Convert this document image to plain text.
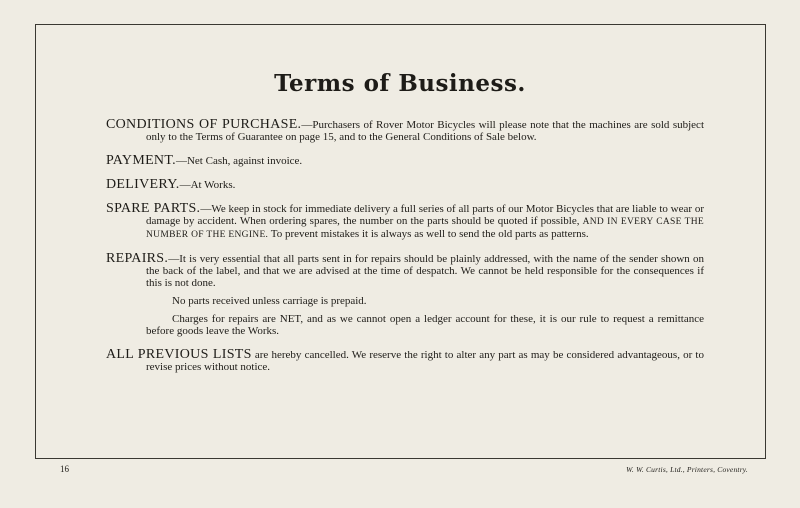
Terms of Business.

CONDITIONS OF PURCHASE.—Purchasers of Rover Motor Bicycles will please note that the machines are sold subject only to the Terms of Guarantee on page 15, and to the General Conditions of Sale below.

PAYMENT.—Net Cash, against invoice.

DELIVERY.—At Works.

SPARE PARTS.—We keep in stock for immediate delivery a full series of all parts of our Motor Bicycles that are liable to wear or damage by accident. When ordering spares, the number on the parts should be quoted if possible, AND IN EVERY CASE THE NUMBER OF THE ENGINE. To prevent mistakes it is always as well to send the old parts as patterns.

REPAIRS.—It is very essential that all parts sent in for repairs should be plainly addressed, with the name of the sender shown on the back of the label, and that we are advised at the time of despatch. We cannot be held responsible for the consequences if this is not done.

No parts received unless carriage is prepaid.

Charges for repairs are NET, and as we cannot open a ledger account for these, it is our rule to request a remittance before goods leave the Works.

ALL PREVIOUS LISTS are hereby cancelled. We reserve the right to alter any part as may be considered advantageous, or to revise prices without notice.

16	W. W. Curtis, Ltd., Printers, Coventry.
